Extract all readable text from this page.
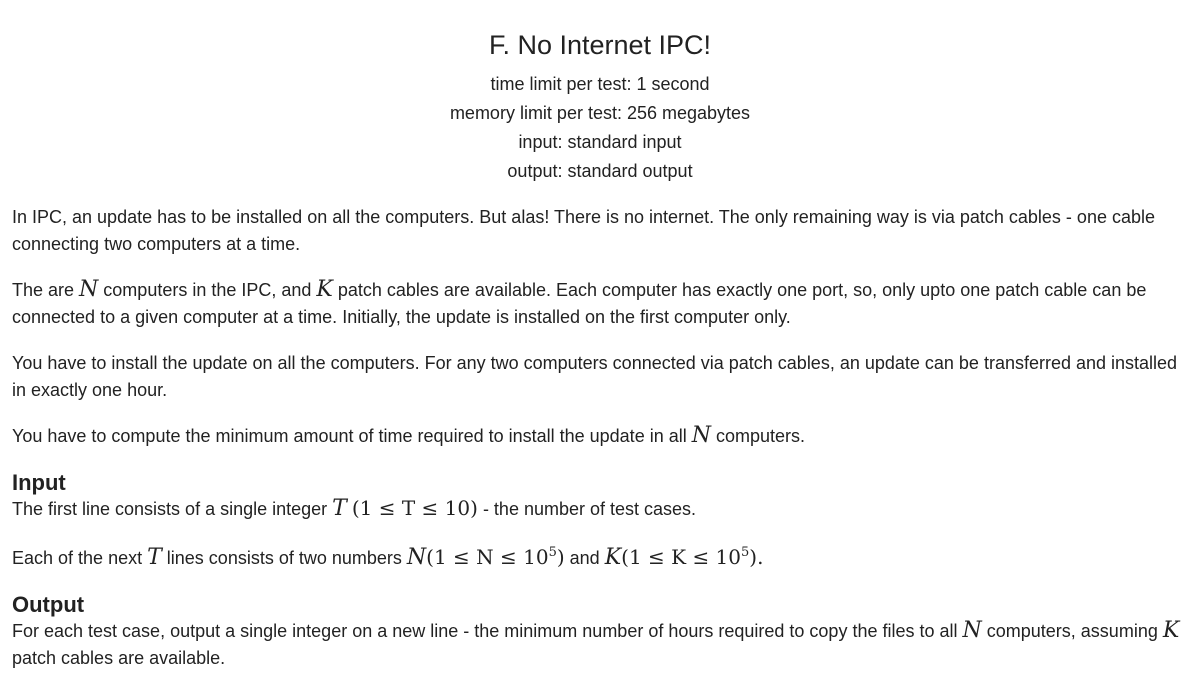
F. No Internet IPC!
time limit per test: 1 second
memory limit per test: 256 megabytes
input: standard input
output: standard output

In IPC, an update has to be installed on all the computers. But alas! There is no internet. The only remaining way is via patch cables - one cable connecting two computers at a time.

The are N computers in the IPC, and K patch cables are available. Each computer has exactly one port, so, only upto one patch cable can be connected to a given computer at a time. Initially, the update is installed on the first computer only.

You have to install the update on all the computers. For any two computers connected via patch cables, an update can be transferred and installed in exactly one hour.

You have to compute the minimum amount of time required to install the update in all N computers.

Input

The first line consists of a single integer T (1 ≤ T ≤ 10) - the number of test cases.

Each of the next T lines consists of two numbers $N(1 \le N \le 10^5)$ and $K(1 \le K \le 10^5)$.

Output

For each test case, output a single integer on a new line - the minimum number of hours required to copy the files to all N computers, assuming K patch cables are available.
